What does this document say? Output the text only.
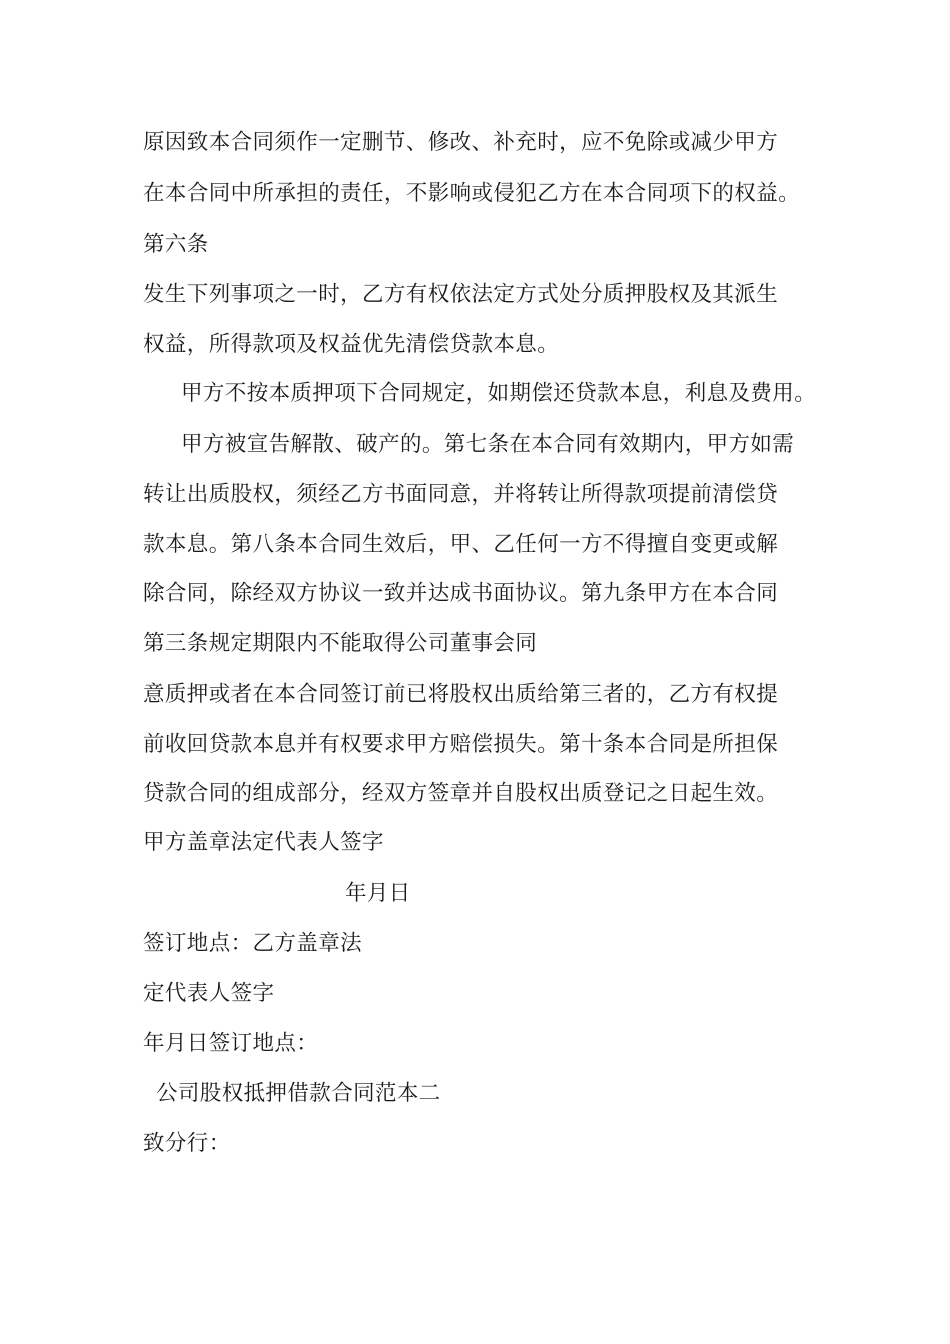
原因致本合同须作一定删节、修改、补充时，应不免除或减少甲方
在本合同中所承担的责任，不影响或侵犯乙方在本合同项下的权益。
第六条
发生下列事项之一时，乙方有权依法定方式处分质押股权及其派生
权益，所得款项及权益优先清偿贷款本息。
甲方不按本质押项下合同规定，如期偿还贷款本息，利息及费用。
甲方被宣告解散、破产的。第七条在本合同有效期内，甲方如需
转让出质股权，须经乙方书面同意，并将转让所得款项提前清偿贷
款本息。第八条本合同生效后，甲、乙任何一方不得擅自变更或解
除合同，除经双方协议一致并达成书面协议。第九条甲方在本合同
第三条规定期限内不能取得公司董事会同
意质押或者在本合同签订前已将股权出质给第三者的，乙方有权提
前收回贷款本息并有权要求甲方赔偿损失。第十条本合同是所担保
贷款合同的组成部分，经双方签章并自股权出质登记之日起生效。
甲方盖章法定代表人签字
年月日
签订地点：乙方盖章法
定代表人签字
年月日签订地点：
公司股权抵押借款合同范本二
致分行：
